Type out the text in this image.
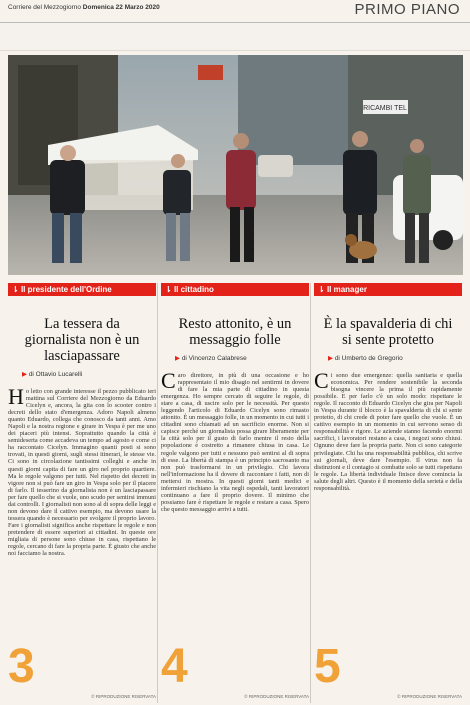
Corriere del Mezzogiorno Domenica 22 Marzo 2020	PRIMO PIANO
RICAMBI TEL
⇂ Il presidente dell'Ordine
La tessera da giornalista non è un lasciapassare
▶ di Ottavio Lucarelli
Ho letto con grande interesse il pezzo pubblicato ieri mattina sul Corriere del Mezzogiorno da Eduardo Cicelyn e, ancora, la gita con lo scooter contro i decreti dello stato d'emergenza. Adoro Napoli almeno quanto Eduardo, collega che conosco da tanti anni. Amo Napoli e la nostra regione e girare in Vespa è per me uno dei piaceri più intensi. Soprattutto quando la città è semideserta come accadeva un tempo ad agosto e come ci ha raccontato Cicelyn. Immagino quanti posti si sono trovati, in questi giorni, sugli stessi itinerari, le stesse vie. Ci sono in circolazione tantissimi colleghi e anche in questi giorni capita di fare un giro nel proprio quartiere. Ma le regole valgono per tutti. Nel rispetto dei decreti in vigore non si può fare un giro in Vespa solo per il piacere di farlo. Il tesserino da giornalista non è un lasciapassare per fare quello che si vuole, uno scudo per sentirsi immuni dai controlli. I giornalisti non sono al di sopra delle leggi e non devono dare il cattivo esempio, ma devono usare la tessera quando è necessario per svolgere il proprio lavoro. Fare i giornalisti significa anche rispettare le regole e non pretendere di essere superiori ai cittadini. In queste ore migliaia di persone sono chiuse in casa, rispettano le regole, cercano di fare la propria parte. È giusto che anche noi facciamo la nostra.
3
© RIPRODUZIONE RISERVATA
⇂ Il cittadino
Resto attonito, è un messaggio folle
▶ di Vincenzo Calabrese
Caro direttore, in più di una occasione e ho rappresentato il mio disagio nel sentirmi in dovere di fare la mia parte di cittadino in questa emergenza. Ho sempre cercato di seguire le regole, di stare a casa, di uscire solo per le necessità. Per questo leggendo l'articolo di Eduardo Cicelyn sono rimasto attonito. È un messaggio folle, in un momento in cui tutti i cittadini sono chiamati ad un sacrificio enorme. Non si capisce perché un giornalista possa girare liberamente per la città solo per il gusto di farlo mentre il resto della popolazione è costretto a rimanere chiusa in casa. Le regole valgono per tutti e nessuno può sentirsi al di sopra di esse. La libertà di stampa è un principio sacrosanto ma non può trasformarsi in un privilegio. Chi lavora nell'informazione ha il dovere di raccontare i fatti, non di mettersi in mostra. In questi giorni tanti medici e infermieri rischiano la vita negli ospedali, tanti lavoratori continuano a fare il proprio dovere. Il minimo che possiamo fare è rispettare le regole e restare a casa. Spero che questo messaggio arrivi a tutti.
4
© RIPRODUZIONE RISERVATA
⇂ Il manager
È la spavalderia di chi si sente protetto
▶ di Umberto de Gregorio
Ci sono due emergenze: quella sanitaria e quella economica. Per rendere sostenibile la seconda bisogna vincere la prima il più rapidamente possibile. E per farlo c'è un solo modo: rispettare le regole. Il racconto di Eduardo Cicelyn che gira per Napoli in Vespa durante il blocco è la spavalderia di chi si sente protetto, di chi crede di poter fare quello che vuole. È un cattivo esempio in un momento in cui servono senso di responsabilità e rigore. Le aziende stanno facendo enormi sacrifici, i lavoratori restano a casa, i negozi sono chiusi. Ognuno deve fare la propria parte. Non ci sono categorie privilegiate. Chi ha una responsabilità pubblica, chi scrive sui giornali, deve dare l'esempio. Il virus non fa distinzioni e il contagio si combatte solo se tutti rispettano le regole. La libertà individuale finisce dove comincia la salute degli altri. Questo è il momento della serietà e della responsabilità.
5
© RIPRODUZIONE RISERVATA
